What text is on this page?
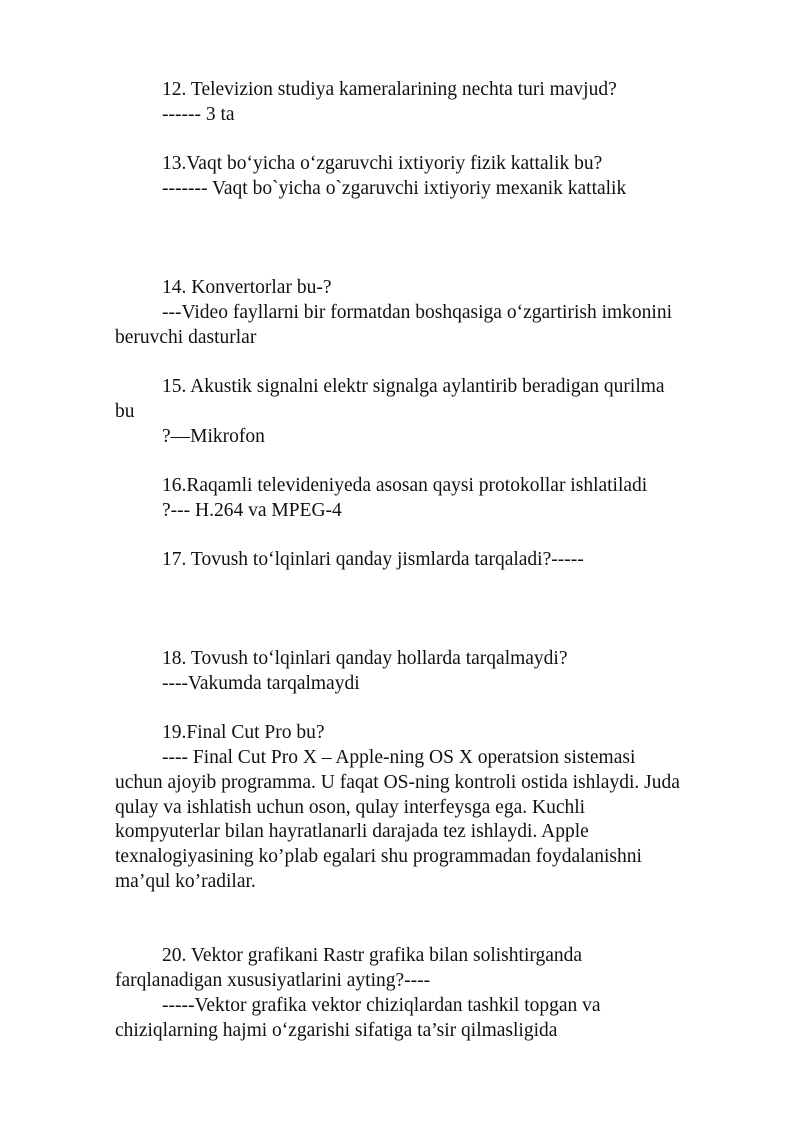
12. Televizion studiya kameralarining nechta turi mavjud?
------ 3 ta
13.Vaqt bo‘yicha o‘zgaruvchi ixtiyoriy fizik kattalik bu?
------- Vaqt bo`yicha o`zgaruvchi ixtiyoriy mexanik kattalik
14. Konvertorlar bu-?
---Video fayllarni bir formatdan boshqasiga o‘zgartirish imkonini
beruvchi dasturlar
15. Akustik signalni elektr signalga aylantirib beradigan qurilma
bu
?—Mikrofon
16.Raqamli televideniyeda asosan qaysi protokollar ishlatiladi
?--- H.264 va MPEG-4
17. Tovush to‘lqinlari qanday jismlarda tarqaladi?-----
18. Tovush to‘lqinlari qanday hollarda tarqalmaydi?
----Vakumda tarqalmaydi
19.Final Cut Pro bu?
---- Final Cut Pro X – Apple-ning OS X operatsion sistemasi
uchun ajoyib programma. U faqat OS-ning kontroli ostida ishlaydi. Juda
qulay va ishlatish uchun oson, qulay interfeysga ega. Kuchli
kompyuterlar bilan hayratlanarli darajada tez ishlaydi. Apple
texnalogiyasining ko’plab egalari shu programmadan foydalanishni
ma’qul ko’radilar.
20. Vektor grafikani Rastr grafika bilan solishtirganda
farqlanadigan xususiyatlarini ayting?----
-----Vektor grafika vektor chiziqlardan tashkil topgan va
chiziqlarning hajmi o‘zgarishi sifatiga ta’sir qilmasligida
